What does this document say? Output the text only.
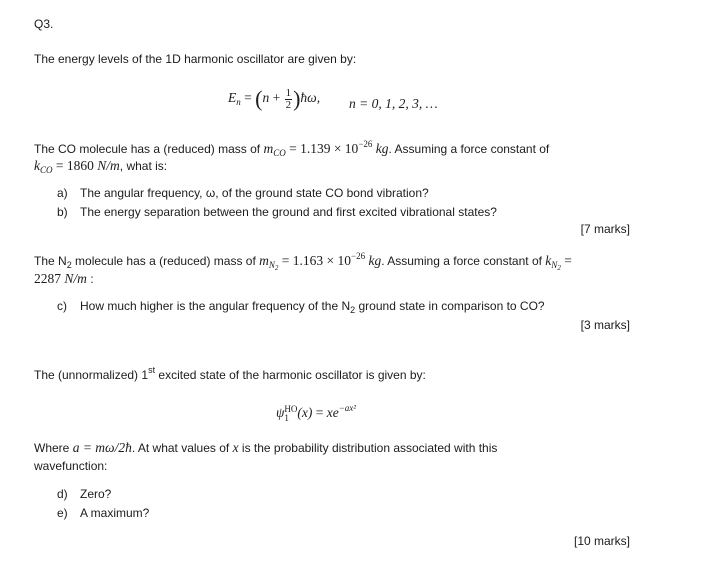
Q3.
The energy levels of the 1D harmonic oscillator are given by:
$E_n = (n + \frac{1}{2}$ )ħω, n = 0, 1, 2, 3, …
The CO molecule has a (reduced) mass of $m_{CO} = 1.139 \times 10^{-26}$ kg. Assuming a force constant of
$k_{CO} = 1860$ N/m, what is:
a) The angular frequency, ω, of the ground state CO bond vibration?
b) The energy separation between the ground and first excited vibrational states?
[7 marks]
The $N_2$ molecule has a (reduced) mass of $m_{N_2} = 1.163 \times 10^{-26}$ kg. Assuming a force constant of $k_{N_2}$ =
2287 N/m :
c) How much higher is the angular frequency of the $N_2$ ground state in comparison to CO?
[3 marks]
The (unnormalized) 1st excited state of the harmonic oscillator is given by:
ψ HO
1 $(x) = xe^{-ax^2}$
Where a = mω/2ħ. At what values of x is the probability distribution associated with this
wavefunction:
d) Zero?
e) A maximum?
[10 marks]
